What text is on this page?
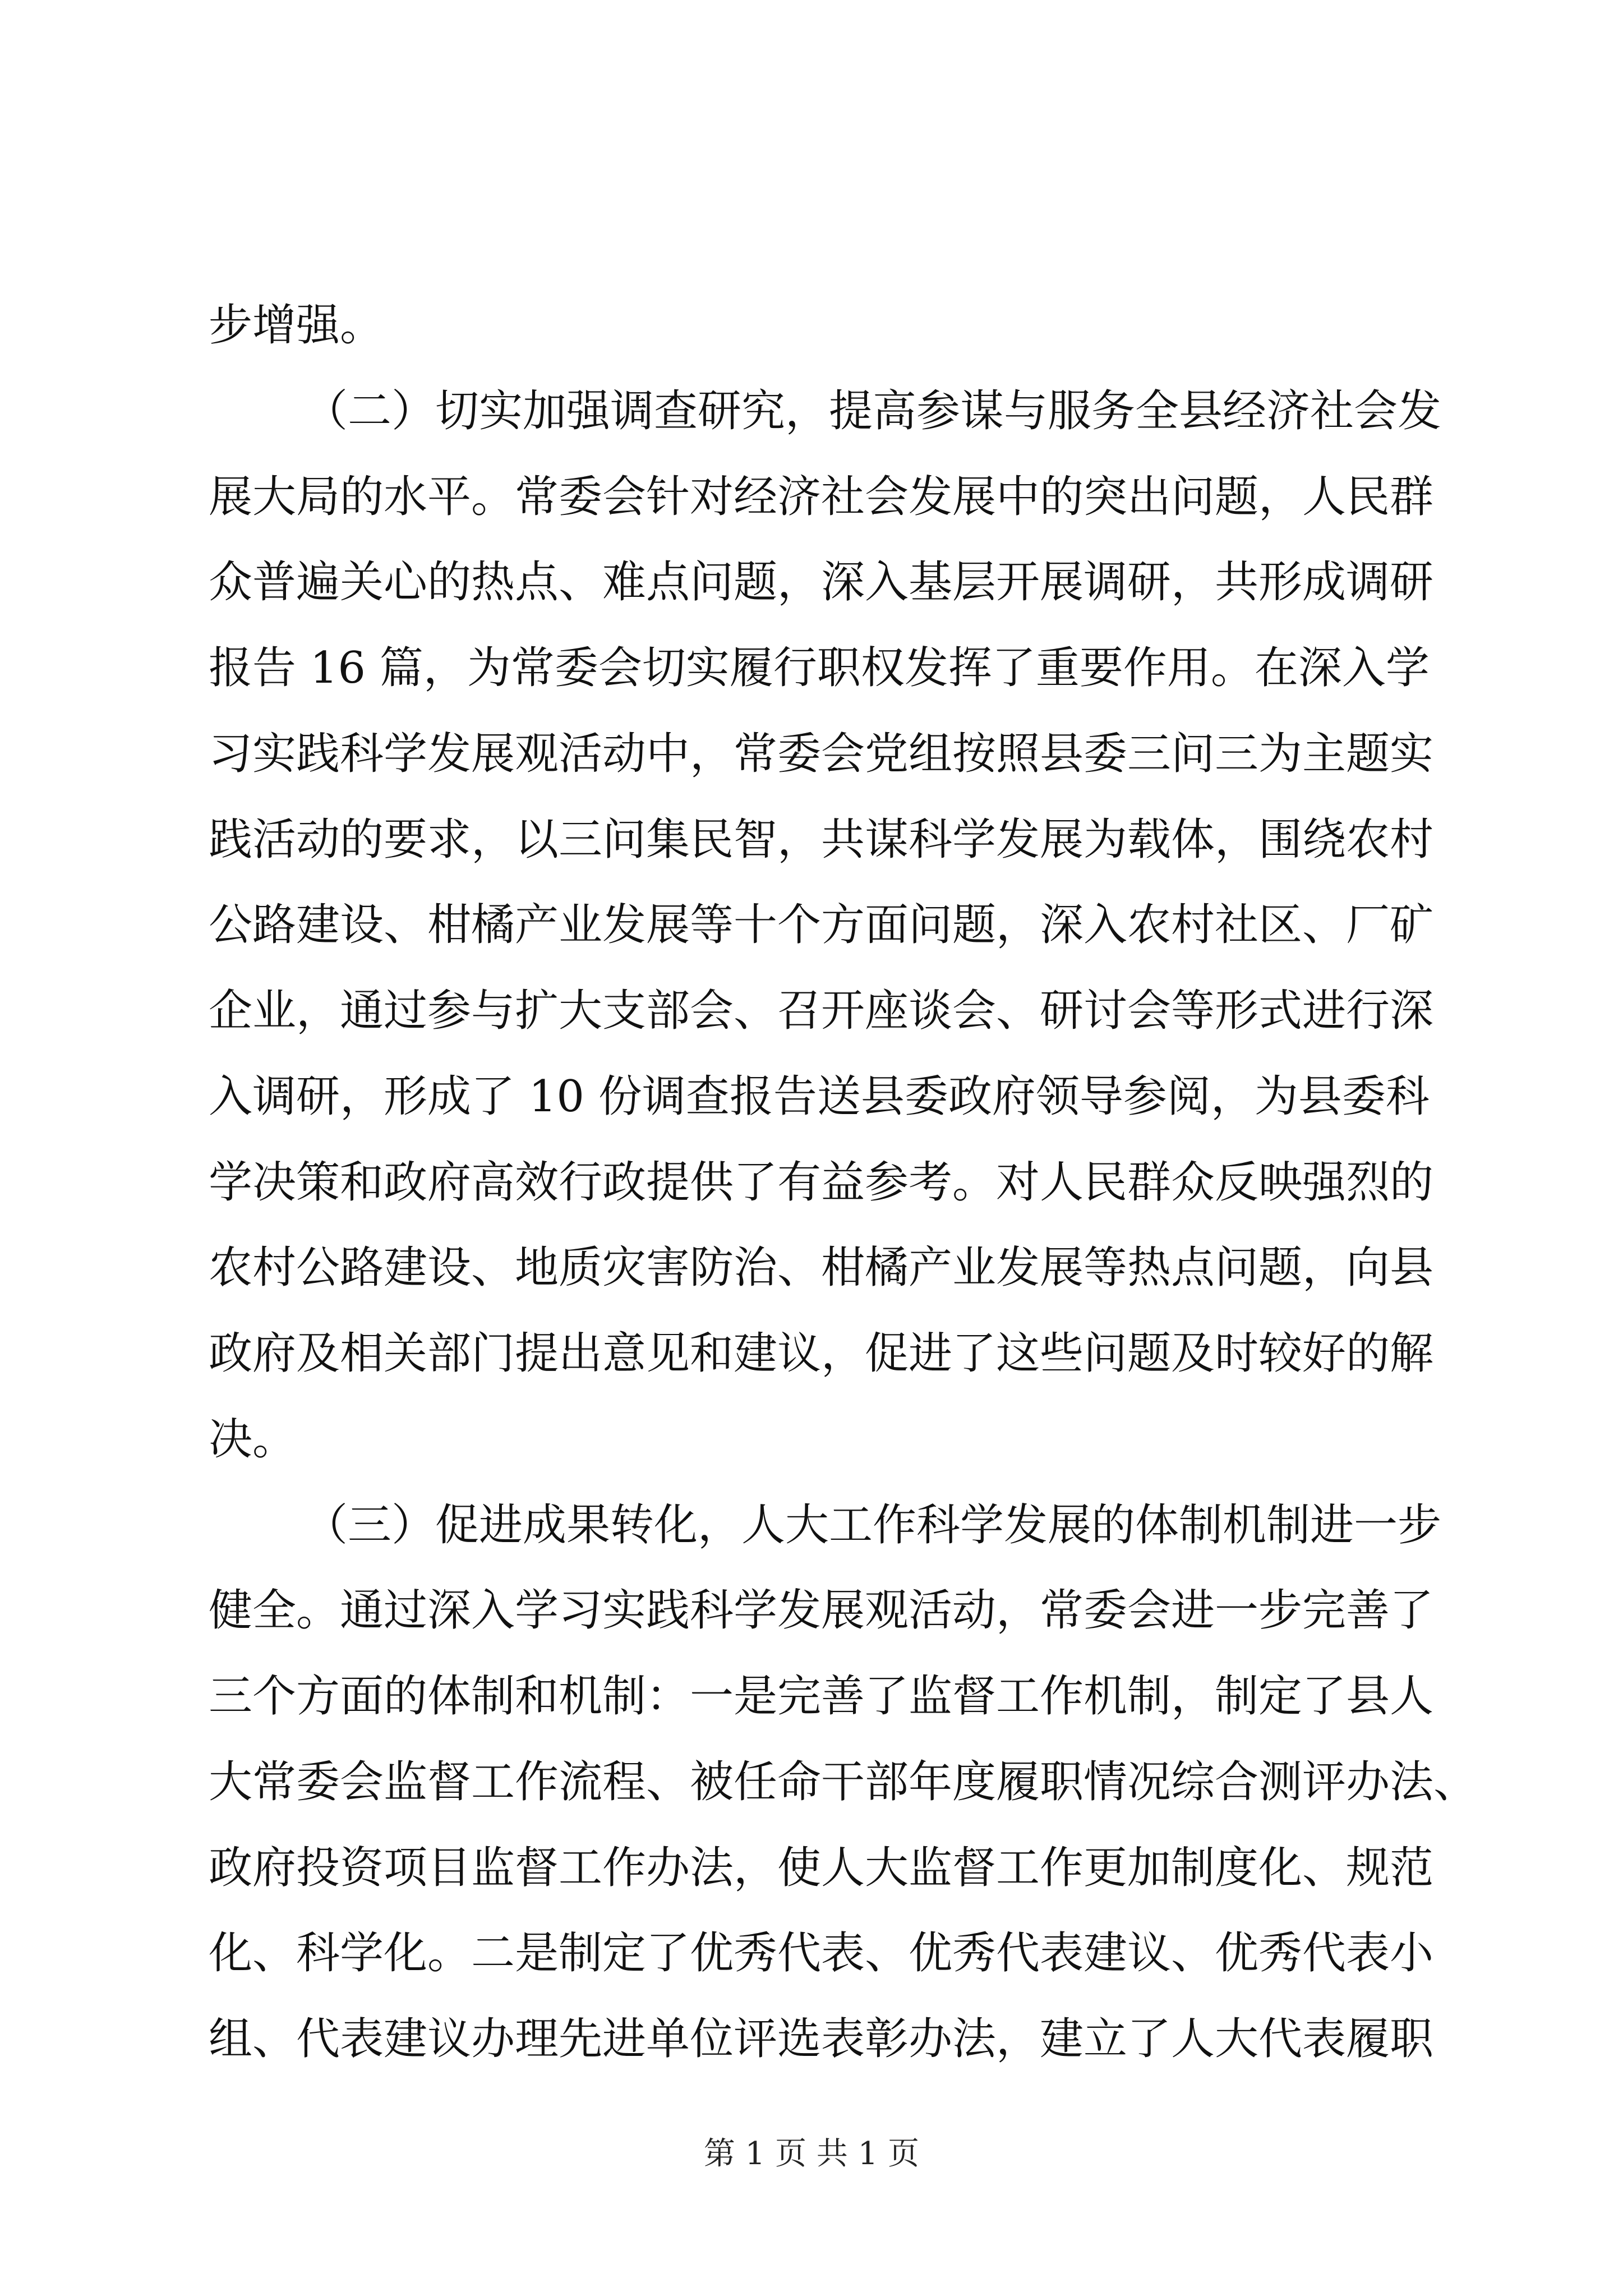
步增强。
（二）切实加强调查研究，提高参谋与服务全县经济社会发
展大局的水平。常委会针对经济社会发展中的突出问题，人民群
众普遍关心的热点、难点问题，深入基层开展调研，共形成调研
报告 16 篇，为常委会切实履行职权发挥了重要作用。在深入学
习实践科学发展观活动中，常委会党组按照县委三问三为主题实
践活动的要求，以三问集民智，共谋科学发展为载体，围绕农村
公路建设、柑橘产业发展等十个方面问题，深入农村社区、厂矿
企业，通过参与扩大支部会、召开座谈会、研讨会等形式进行深
入调研，形成了 10 份调查报告送县委政府领导参阅，为县委科
学决策和政府高效行政提供了有益参考。对人民群众反映强烈的
农村公路建设、地质灾害防治、柑橘产业发展等热点问题，向县
政府及相关部门提出意见和建议，促进了这些问题及时较好的解
决。
（三）促进成果转化，人大工作科学发展的体制机制进一步
健全。通过深入学习实践科学发展观活动，常委会进一步完善了
三个方面的体制和机制：一是完善了监督工作机制，制定了县人
大常委会监督工作流程、被任命干部年度履职情况综合测评办法、
政府投资项目监督工作办法，使人大监督工作更加制度化、规范
化、科学化。二是制定了优秀代表、优秀代表建议、优秀代表小
组、代表建议办理先进单位评选表彰办法，建立了人大代表履职
第 1 页 共 1 页
